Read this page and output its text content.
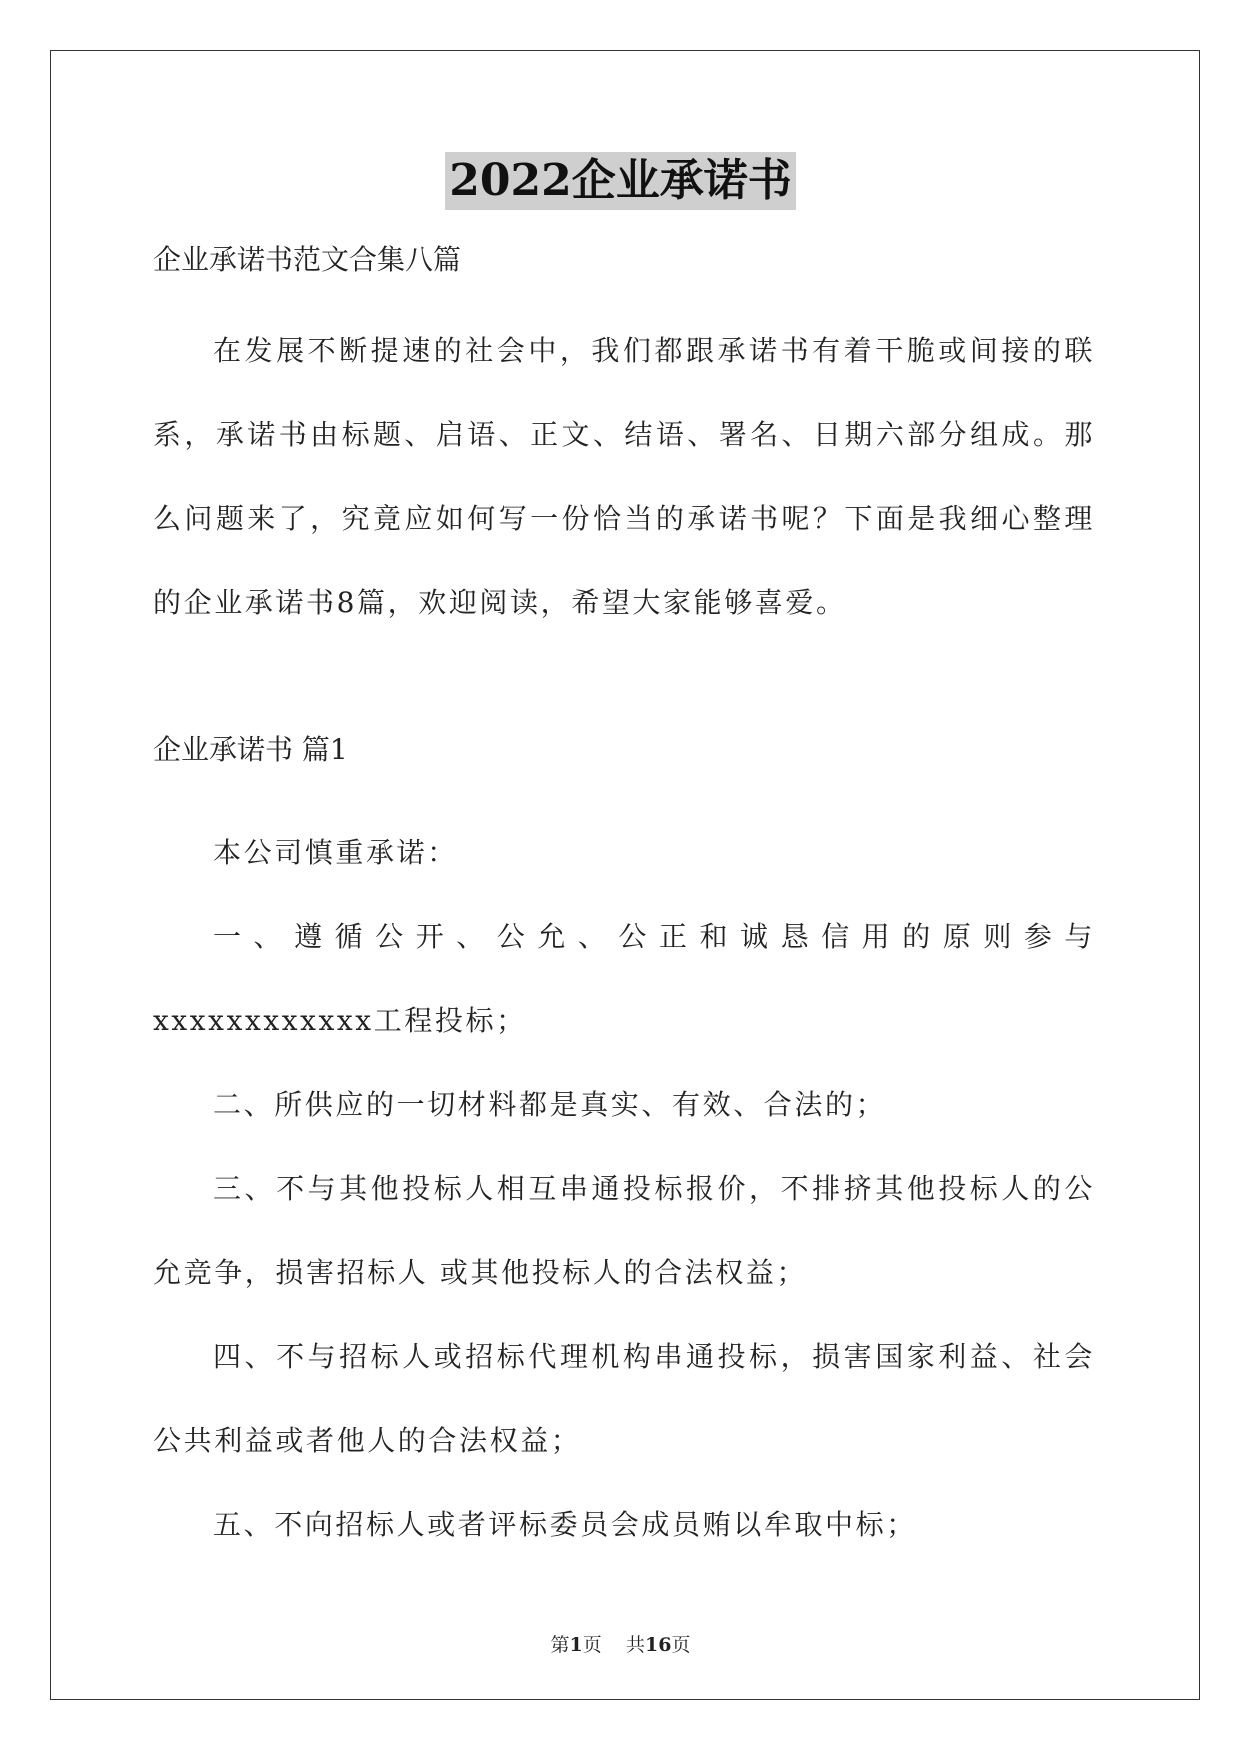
2022企业承诺书
企业承诺书范文合集八篇
在发展不断提速的社会中，我们都跟承诺书有着干脆或间接的联系，承诺书由标题、启语、正文、结语、署名、日期六部分组成。那么问题来了，究竟应如何写一份恰当的承诺书呢？下面是我细心整理的企业承诺书8篇，欢迎阅读，希望大家能够喜爱。
企业承诺书 篇1
本公司慎重承诺：
一、遵循公开、公允、公正和诚恳信用的原则参与xxxxxxxxxxxx工程投标；
二、所供应的一切材料都是真实、有效、合法的；
三、不与其他投标人相互串通投标报价，不排挤其他投标人的公允竞争，损害招标人 或其他投标人的合法权益；
四、不与招标人或招标代理机构串通投标，损害国家利益、社会公共利益或者他人的合法权益；
五、不向招标人或者评标委员会成员贿以牟取中标；
第1页 共16页
